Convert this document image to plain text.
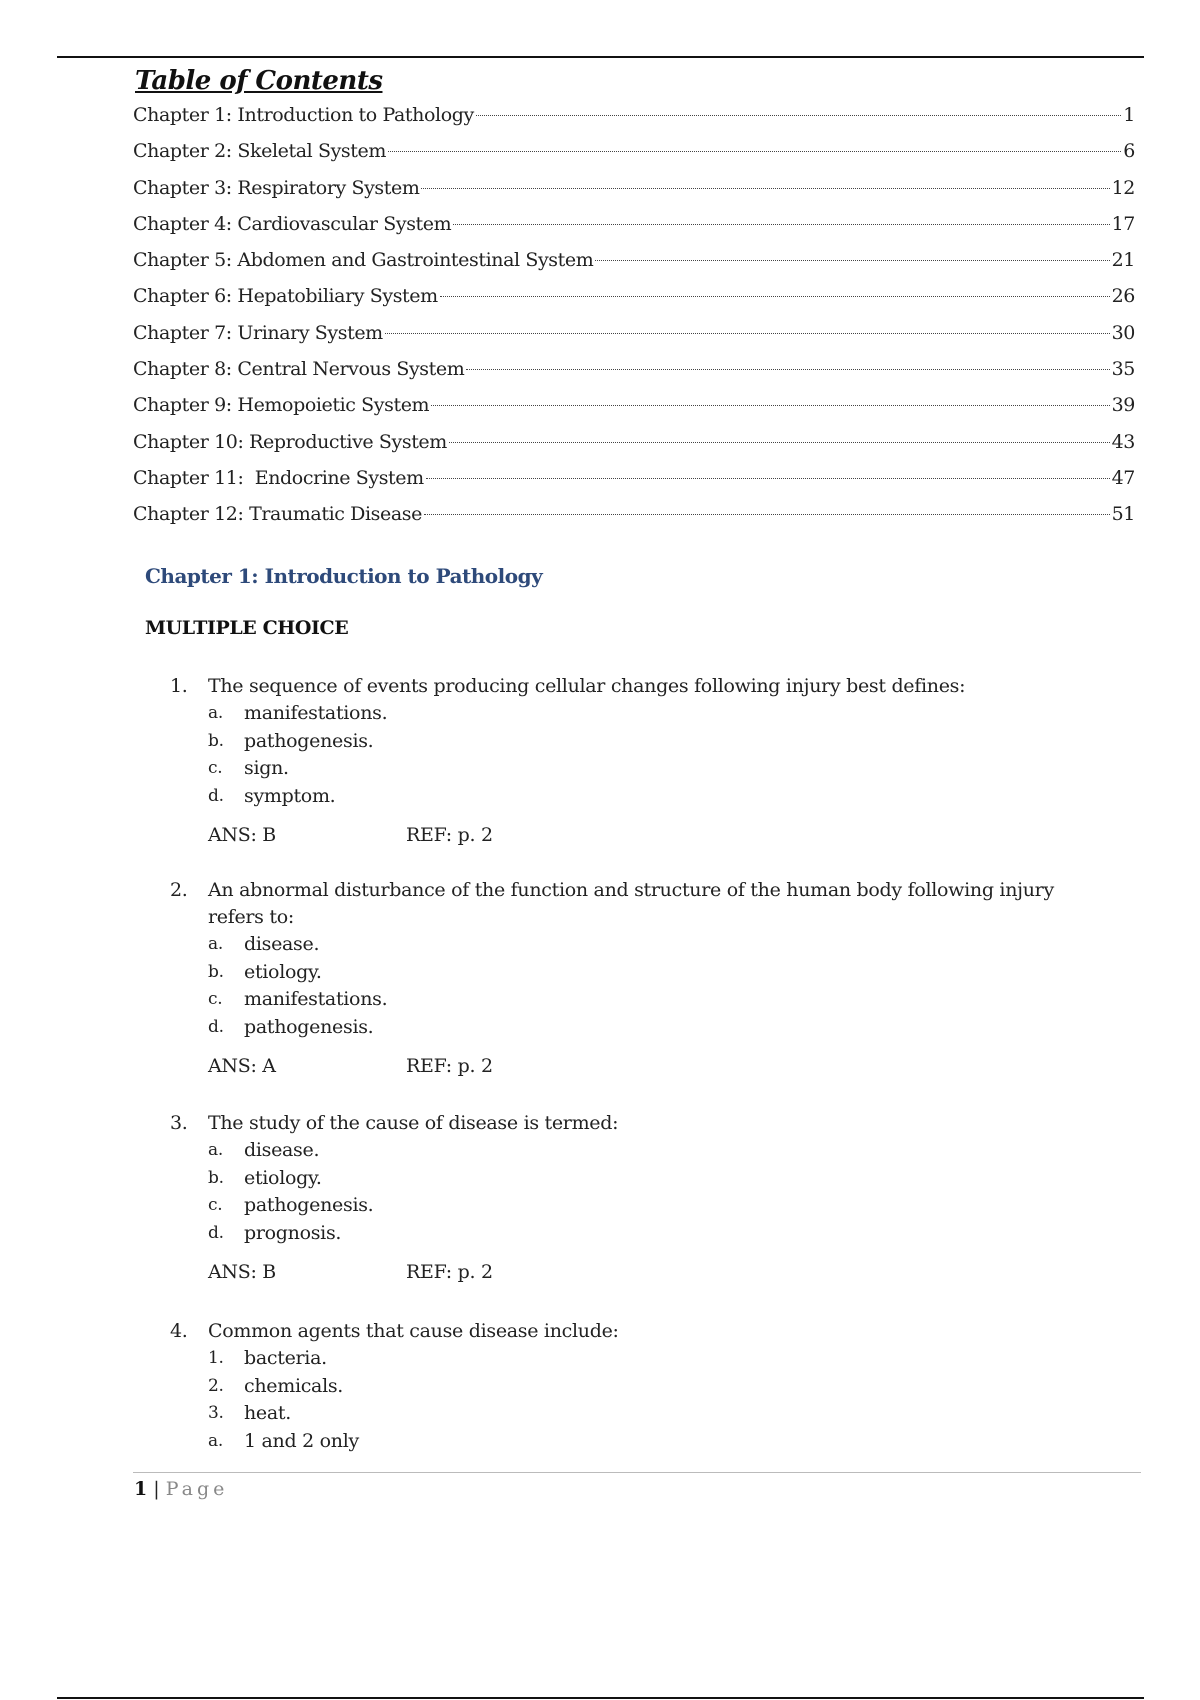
Table of Contents
Chapter 1: Introduction to Pathology	1
Chapter 2: Skeletal System	6
Chapter 3: Respiratory System	12
Chapter 4: Cardiovascular System	17
Chapter 5: Abdomen and Gastrointestinal System	21
Chapter 6: Hepatobiliary System	26
Chapter 7: Urinary System	30
Chapter 8: Central Nervous System	35
Chapter 9: Hemopoietic System	39
Chapter 10: Reproductive System	43
Chapter 11:  Endocrine System	47
Chapter 12: Traumatic Disease	51
Chapter 1: Introduction to Pathology
MULTIPLE CHOICE
1.	The sequence of events producing cellular changes following injury best defines:
a.	manifestations.
b.	pathogenesis.
c.	sign.
d.	symptom.
ANS: B	REF: p. 2
2.	An abnormal disturbance of the function and structure of the human body following injury refers to:
a.	disease.
b.	etiology.
c.	manifestations.
d.	pathogenesis.
ANS: A	REF: p. 2
3.	The study of the cause of disease is termed:
a.	disease.
b.	etiology.
c.	pathogenesis.
d.	prognosis.
ANS: B	REF: p. 2
4.	Common agents that cause disease include:
1.	bacteria.
2.	chemicals.
3.	heat.
a.	1 and 2 only
1 | Page
